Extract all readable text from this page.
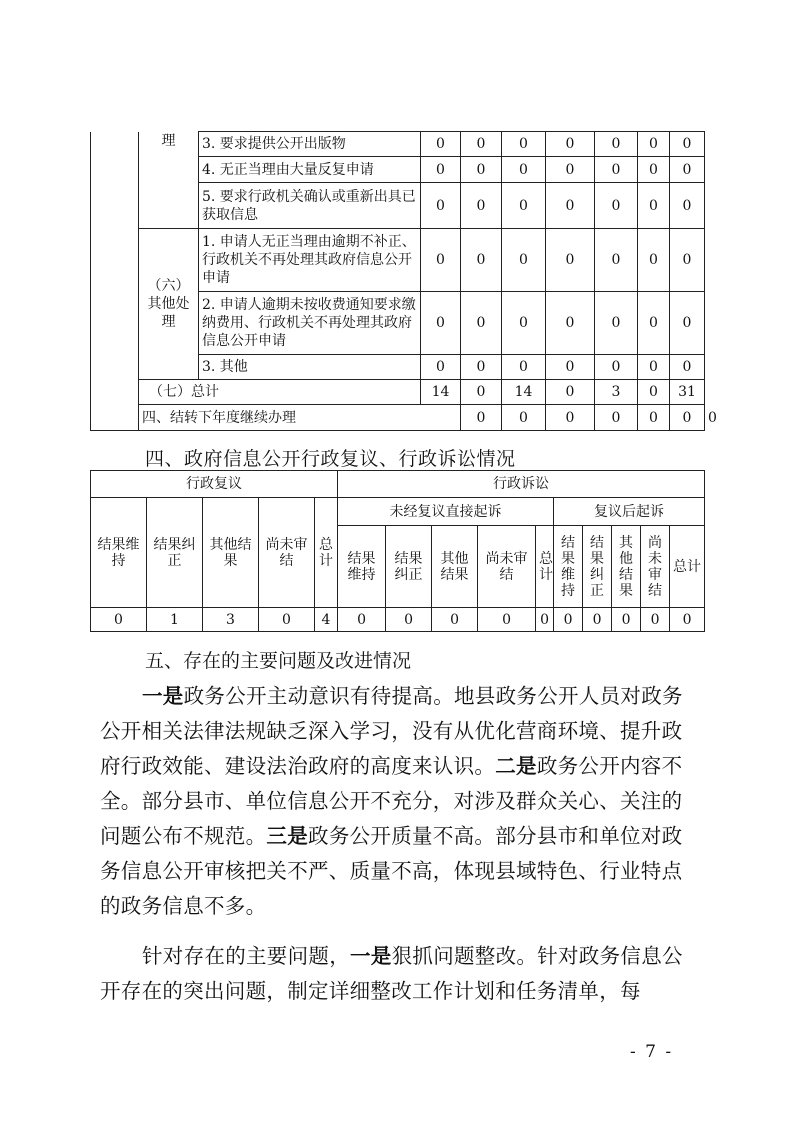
	理	3. 要求提供公开出版物	0	0	0	0	0	0	0	
		4. 无正当理由大量反复申请	0	0	0	0	0	0	0	
		5. 要求行政机关确认或重新出具已获取信息	0	0	0	0	0	0	0	

	（六）
其他处理	1. 申请人无正当理由逾期不补正、行政机关不再处理其政府信息公开申请	0	0	0	0	0	0	0	
		2. 申请人逾期未按收费通知要求缴纳费用、行政机关不再处理其政府信息公开申请	0	0	0	0	0	0	0	
		3. 其他	0	0	0	0	0	0	0	
	（七）总计		14	0	14	0	3	0	31	
	四、结转下年度继续办理			0	0	0	0	0	0	0
四、政府信息公开行政复议、行政诉讼情况
行政复议					行政诉讼									
结果维持	结果纠正	其他结果	尚未审结	总计	未经复议直接起诉					复议后起诉				
					结果维持	结果纠正	其他结果	尚未审结	总计	结果维持	结果纠正	其他结果	尚未审结	总计
0	1	3	0	4	0	0	0	0	0	0	0	0	0	0
五、存在的主要问题及改进情况
一是政务公开主动意识有待提高。地县政务公开人员对政务公开相关法律法规缺乏深入学习，没有从优化营商环境、提升政府行政效能、建设法治政府的高度来认识。二是政务公开内容不全。部分县市、单位信息公开不充分，对涉及群众关心、关注的问题公布不规范。三是政务公开质量不高。部分县市和单位对政务信息公开审核把关不严、质量不高，体现县域特色、行业特点的政务信息不多。
针对存在的主要问题，一是狠抓问题整改。针对政务信息公开存在的突出问题，制定详细整改工作计划和任务清单，每
- 7 -
